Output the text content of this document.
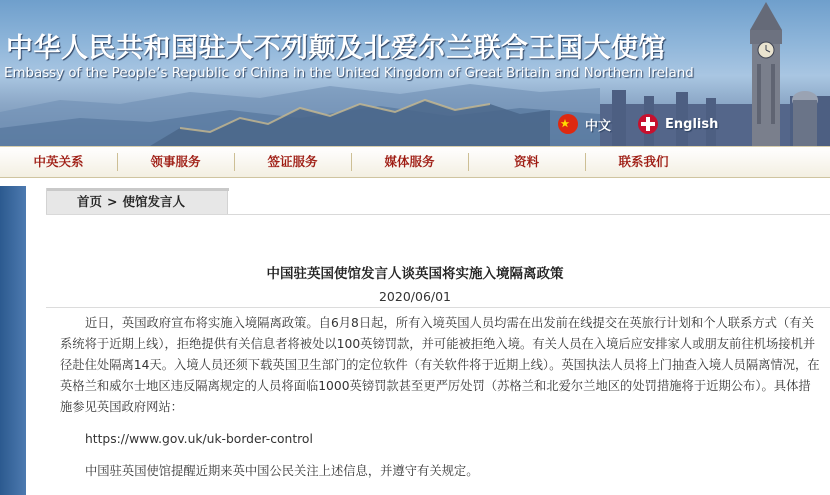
中华人民共和国驻大不列颠及北爱尔兰联合王国大使馆
Embassy of the People’s Republic of China in the United Kingdom of Great Britain and Northern Ireland
中文	English
中英关系	领事服务	签证服务	媒体服务	资料	联系我们
首页 > 使馆发言人
中国驻英国使馆发言人谈英国将实施入境隔离政策
2020/06/01

近日，英国政府宣布将实施入境隔离政策。自6月8日起，所有入境英国人员均需在出发前在线提交在英旅行计划和个人联系方式（有关系统将于近期上线），拒绝提供有关信息者将被处以100英镑罚款，并可能被拒绝入境。有关人员在入境后应安排家人或朋友前往机场接机并径赴住处隔离14天。入境人员还须下载英国卫生部门的定位软件（有关软件将于近期上线）。英国执法人员将上门抽查入境人员隔离情况，在英格兰和威尔士地区违反隔离规定的人员将面临1000英镑罚款甚至更严厉处罚（苏格兰和北爱尔兰地区的处罚措施将于近期公布）。具体措施参见英国政府网站：

https://www.gov.uk/uk-border-control

中国驻英国使馆提醒近期来英中国公民关注上述信息，并遵守有关规定。
